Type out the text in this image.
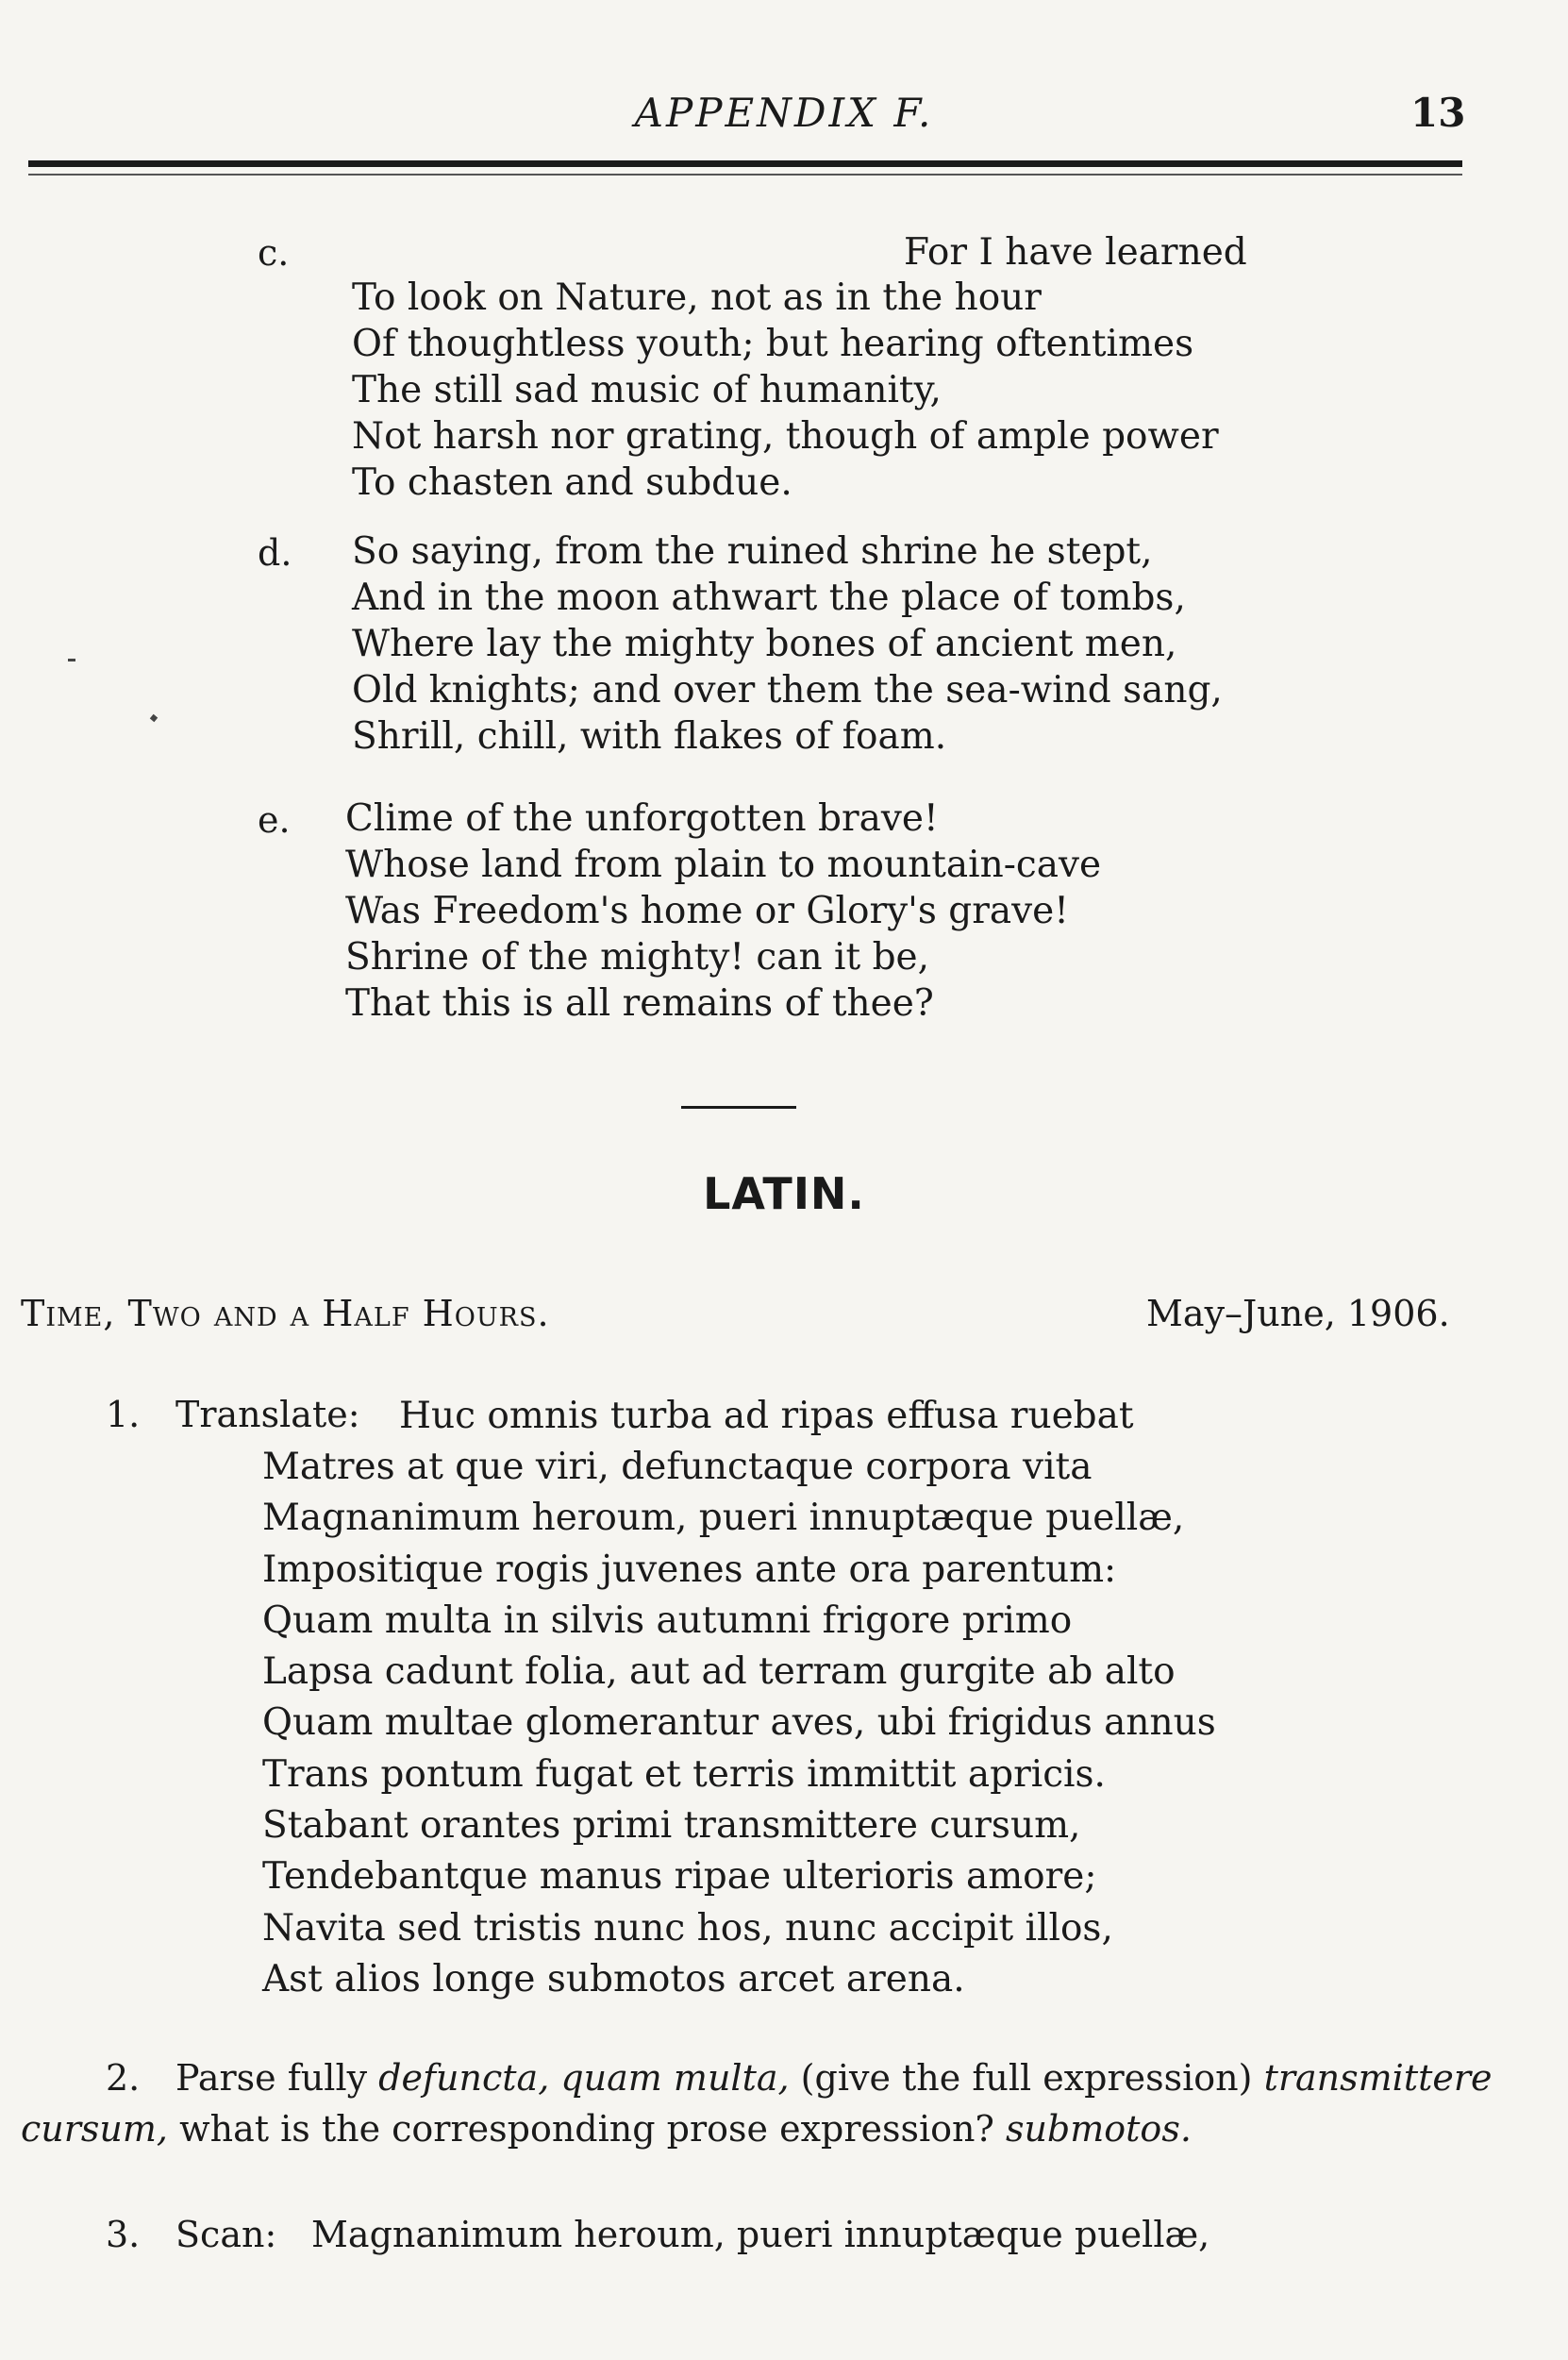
APPENDIX F.	13
c.	For I have learned
To look on Nature, not as in the hour
Of thoughtless youth; but hearing oftentimes
The still sad music of humanity,
Not harsh nor grating, though of ample power
To chasten and subdue.
d. So saying, from the ruined shrine he stept,
And in the moon athwart the place of tombs,
Where lay the mighty bones of ancient men,
Old knights; and over them the sea-wind sang,
Shrill, chill, with flakes of foam.
e. Clime of the unforgotten brave!
Whose land from plain to mountain-cave
Was Freedom's home or Glory's grave!
Shrine of the mighty! can it be,
That this is all remains of thee?
LATIN.
Time, Two and a Half Hours.	May–June, 1906.
1. Translate: Huc omnis turba ad ripas effusa ruebat
Matres at que viri, defunctaque corpora vita
Magnanimum heroum, pueri innuptæque puellæ,
Impositique rogis juvenes ante ora parentum:
Quam multa in silvis autumni frigore primo
Lapsa cadunt folia, aut ad terram gurgite ab alto
Quam multae glomerantur aves, ubi frigidus annus
Trans pontum fugat et terris immittit apricis.
Stabant orantes primi transmittere cursum,
Tendebantque manus ripae ulterioris amore;
Navita sed tristis nunc hos, nunc accipit illos,
Ast alios longe submotos arcet arena.
2. Parse fully defuncta, quam multa, (give the full expression) transmittere
cursum, what is the corresponding prose expression? submotos.
3. Scan: Magnanimum heroum, pueri innuptæque puellæ,
